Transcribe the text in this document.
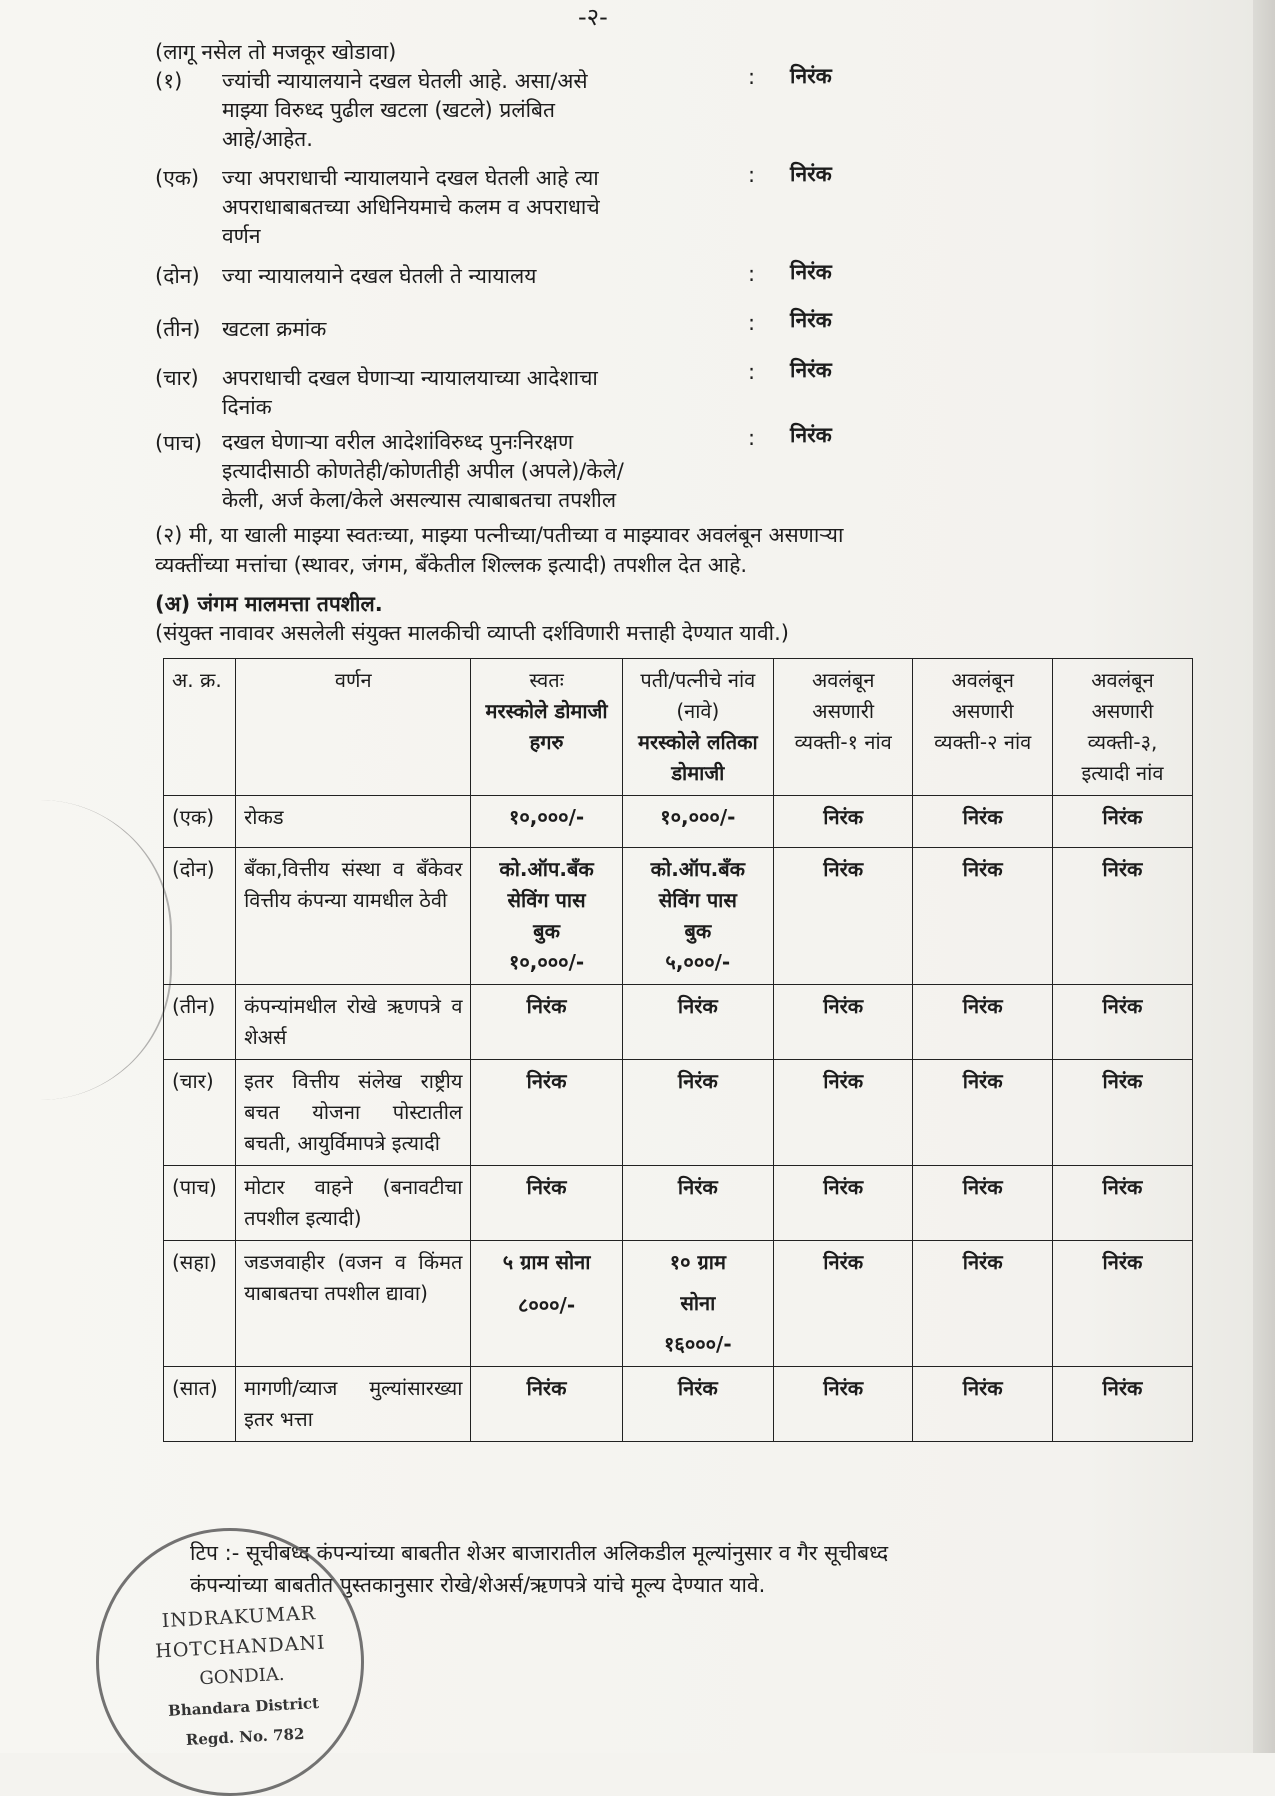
-२-
(लागू नसेल तो मजकूर खोडावा)
(१) ज्यांची न्यायालयाने दखल घेतली आहे. असा/असे
माझ्या विरुध्द पुढील खटला (खटले) प्रलंबित
आहे/आहेत.
: निरंक
(एक) ज्या अपराधाची न्यायालयाने दखल घेतली आहे त्या
अपराधाबाबतच्या अधिनियमाचे कलम व अपराधाचे
वर्णन
: निरंक
(दोन) ज्या न्यायालयाने दखल घेतली ते न्यायालय	: निरंक
(तीन) खटला क्रमांक	: निरंक
(चार) अपराधाची दखल घेणाऱ्या न्यायालयाच्या आदेशाचा
दिनांक
: निरंक
(पाच) दखल घेणाऱ्या वरील आदेशांविरुध्द पुनःनिरक्षण
इत्यादीसाठी कोणतेही/कोणतीही अपील (अपले)/केले/
केली, अर्ज केला/केले असल्यास त्याबाबतचा तपशील
: निरंक
(२) मी, या खाली माझ्या स्वतःच्या, माझ्या पत्नीच्या/पतीच्या व माझ्यावर अवलंबून असणाऱ्या
व्यक्तींच्या मत्तांचा (स्थावर, जंगम, बँकेतील शिल्लक इत्यादी) तपशील देत आहे.
(अ) जंगम मालमत्ता तपशील.
(संयुक्त नावावर असलेली संयुक्त मालकीची व्याप्ती दर्शविणारी मत्ताही देण्यात यावी.)
अ. क्र.	वर्णन	स्वतः
मरस्कोले डोमाजी हगरु	पती/पत्नीचे नांव (नावे)
मरस्कोले लतिका डोमाजी	अवलंबून असणारी व्यक्ती-१ नांव	अवलंबून असणारी व्यक्ती-२ नांव	अवलंबून असणारी व्यक्ती-३, इत्यादी नांव
(एक)	रोकड	१०,०००/-	१०,०००/-	निरंक	निरंक	निरंक
(दोन)	बँका,वित्तीय संस्था व बँकेवर वित्तीय कंपन्या यामधील ठेवी	को.ऑप.बँक
सेविंग पास
बुक
१०,०००/-	को.ऑप.बँक
सेविंग पास
बुक
५,०००/-	निरंक	निरंक	निरंक
(तीन)	कंपन्यांमधील रोखे ऋणपत्रे व शेअर्स	निरंक	निरंक	निरंक	निरंक	निरंक
(चार)	इतर वित्तीय संलेख राष्ट्रीय बचत योजना पोस्टातील बचती, आयुर्विमापत्रे इत्यादी	निरंक	निरंक	निरंक	निरंक	निरंक
(पाच)	मोटार वाहने (बनावटीचा तपशील इत्यादी)	निरंक	निरंक	निरंक	निरंक	निरंक
(सहा)	जडजवाहीर (वजन व किंमत याबाबतचा तपशील द्यावा)	५ ग्राम सोना
८०००/-	१० ग्राम
सोना
१६०००/-	निरंक	निरंक	निरंक
(सात)	मागणी/व्याज मुल्यांसारख्या इतर भत्ता	निरंक	निरंक	निरंक	निरंक	निरंक
टिप :- सूचीबध्द कंपन्यांच्या बाबतीत शेअर बाजारातील अलिकडील मूल्यांनुसार व गैर सूचीबध्द
कंपन्यांच्या बाबतीत पुस्तकानुसार रोखे/शेअर्स/ऋणपत्रे यांचे मूल्य देण्यात यावे.
INDRAKUMAR
HOTCHANDANI
GONDIA.
Bhandara District
Regd. No. 782
